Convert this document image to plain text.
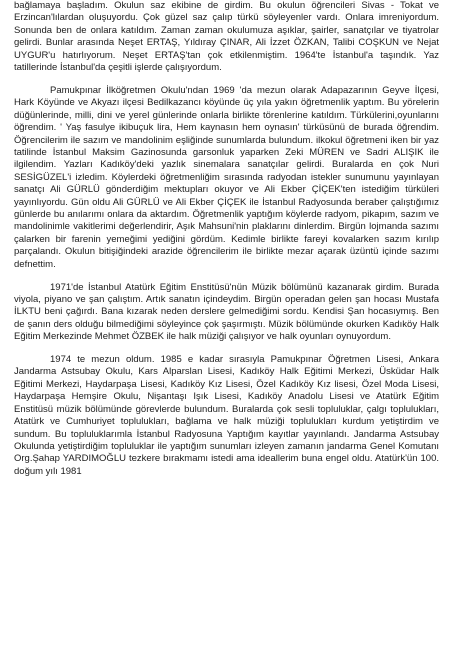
bağlamaya başladım. Okulun saz ekibine de girdim. Bu okulun öğrencileri Sivas - Tokat ve Erzincan'lılardan oluşuyordu. Çok güzel saz çalıp türkü söyleyenler vardı. Onlara imreniyordum. Sonunda ben de onlara katıldım. Zaman zaman okulumuza aşıklar, şairler, sanatçılar ve tiyatrolar gelirdi. Bunlar arasında Neşet ERTAŞ, Yıldıray ÇINAR, Ali İzzet ÖZKAN, Talibi COŞKUN ve Nejat UYGUR'u hatırlıyorum. Neşet ERTAŞ'tan çok etkilenmiştim. 1964'te İstanbul'a taşındık. Yaz tatillerinde İstanbul'da çeşitli işlerde çalışıyordum.

Pamukpınar İlköğretmen Okulu'ndan 1969 'da mezun olarak Adapazarının Geyve İlçesi, Hark Köyünde ve Akyazı ilçesi Bedilkazancı köyünde üç yıla yakın öğretmenlik yaptım. Bu yörelerin düğünlerinde, milli, dini ve yerel günlerinde onlarla birlikte törenlerine katıldım. Türkülerini,oyunlarını öğrendim. ' Yaş fasulye ikibuçuk lira, Hem kaynasın hem oynasın' türküsünü de burada öğrendim. Öğrencilerim ile sazım ve mandolinim eşliğinde sunumlarda bulundum. ilkokul öğretmeni iken bir yaz tatilinde İstanbul Maksim Gazinosunda garsonluk yaparken Zeki MÜREN ve Sadri ALIŞIK ile ilgilendim. Yazları Kadıköy'deki yazlık sinemalara sanatçılar gelirdi. Buralarda en çok Nuri SESİGÜZEL'i izledim. Köylerdeki öğretmenliğim sırasında radyodan istekler sunumunu yayınlayan sanatçı Ali GÜRLÜ gönderdiğim mektupları okuyor ve Ali Ekber ÇİÇEK'ten istediğim türküleri yayınlıyordu. Gün oldu Ali GÜRLÜ ve Ali Ekber ÇİÇEK ile İstanbul Radyosunda beraber çalıştığımız günlerde bu anılarımı onlara da aktardım. Öğretmenlik yaptığım köylerde radyom, pikapım, sazım ve mandolinimle vakitlerimi değerlendirir, Aşık Mahsuni'nin plaklarını dinlerdim. Birgün lojmanda sazımı çalarken bir farenin yemeğimi yediğini gördüm. Kedimle birlikte fareyi kovalarken sazım kırılıp parçalandı. Okulun bitişiğindeki arazide öğrencilerim ile birlikte mezar açarak üzüntü içinde sazımı defnettim.

1971'de İstanbul Atatürk Eğitim Enstitüsü'nün Müzik bölümünü kazanarak girdim. Burada viyola, piyano ve şan çalıştım. Artık sanatın içindeydim. Birgün operadan gelen şan hocası Mustafa İLKTU beni çağırdı. Bana kızarak neden derslere gelmediğimi sordu. Kendisi Şan hocasıymış. Ben de şanın ders olduğu bilmediğimi söyleyince çok şaşırmıştı. Müzik bölümünde okurken Kadıköy Halk Eğitim Merkezinde Mehmet ÖZBEK ile halk müziği çalışıyor ve halk oyunları oynuyordum.

1974 te mezun oldum. 1985 e kadar sırasıyla Pamukpınar Öğretmen Lisesi, Ankara Jandarma Astsubay Okulu, Kars Alparslan Lisesi, Kadıköy Halk Eğitimi Merkezi, Üsküdar Halk Eğitimi Merkezi, Haydarpaşa Lisesi, Kadıköy Kız Lisesi, Özel Kadıköy Kız lisesi, Özel Moda Lisesi, Haydarpaşa Hemşire Okulu, Nişantaşı Işık Lisesi, Kadıköy Anadolu Lisesi ve Atatürk Eğitim Enstitüsü müzik bölümünde görevlerde bulundum. Buralarda çok sesli topluluklar, çalgı toplulukları, Atatürk ve Cumhuriyet toplulukları, bağlama ve halk müziği toplulukları kurdum yetiştirdim ve sundum. Bu topluluklarımla İstanbul Radyosuna Yaptığım kayıtlar yayınlandı. Jandarma Astsubay Okulunda yetiştirdiğim topluluklar ile yaptığım sunumları izleyen zamanın jandarma Genel Komutanı Org.Şahap YARDIMOĞLU tezkere bırakmamı istedi ama ideallerim buna engel oldu. Atatürk'ün 100. doğum yılı 1981
